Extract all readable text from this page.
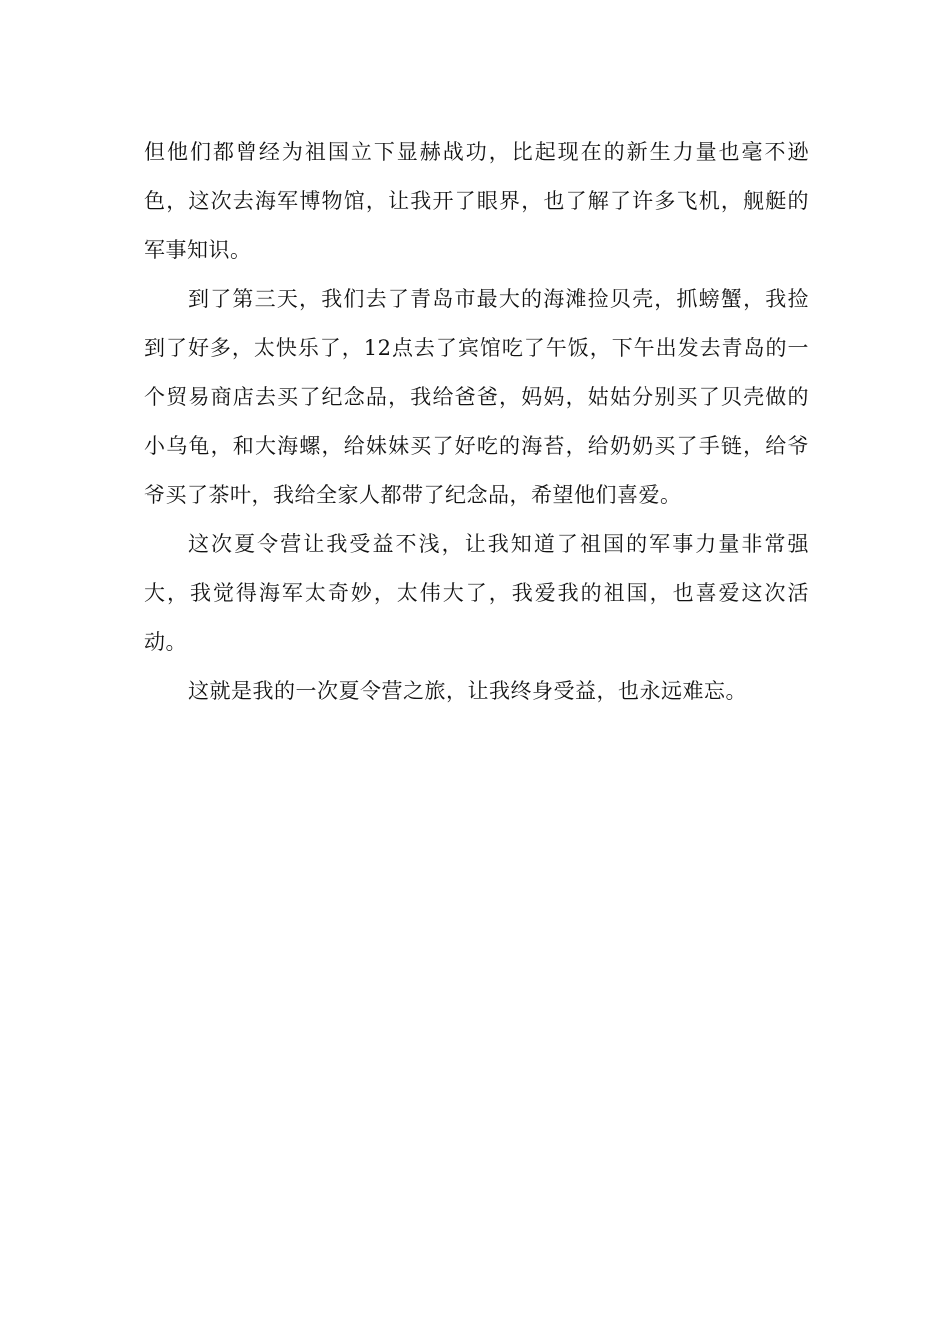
但他们都曾经为祖国立下显赫战功，比起现在的新生力量也毫不逊色，这次去海军博物馆，让我开了眼界，也了解了许多飞机，舰艇的军事知识。

到了第三天，我们去了青岛市最大的海滩捡贝壳，抓螃蟹，我捡到了好多，太快乐了，12点去了宾馆吃了午饭，下午出发去青岛的一个贸易商店去买了纪念品，我给爸爸，妈妈，姑姑分别买了贝壳做的小乌龟，和大海螺，给妹妹买了好吃的海苔，给奶奶买了手链，给爷爷买了茶叶，我给全家人都带了纪念品，希望他们喜爱。

这次夏令营让我受益不浅，让我知道了祖国的军事力量非常强大，我觉得海军太奇妙，太伟大了，我爱我的祖国，也喜爱这次活动。

这就是我的一次夏令营之旅，让我终身受益，也永远难忘。
